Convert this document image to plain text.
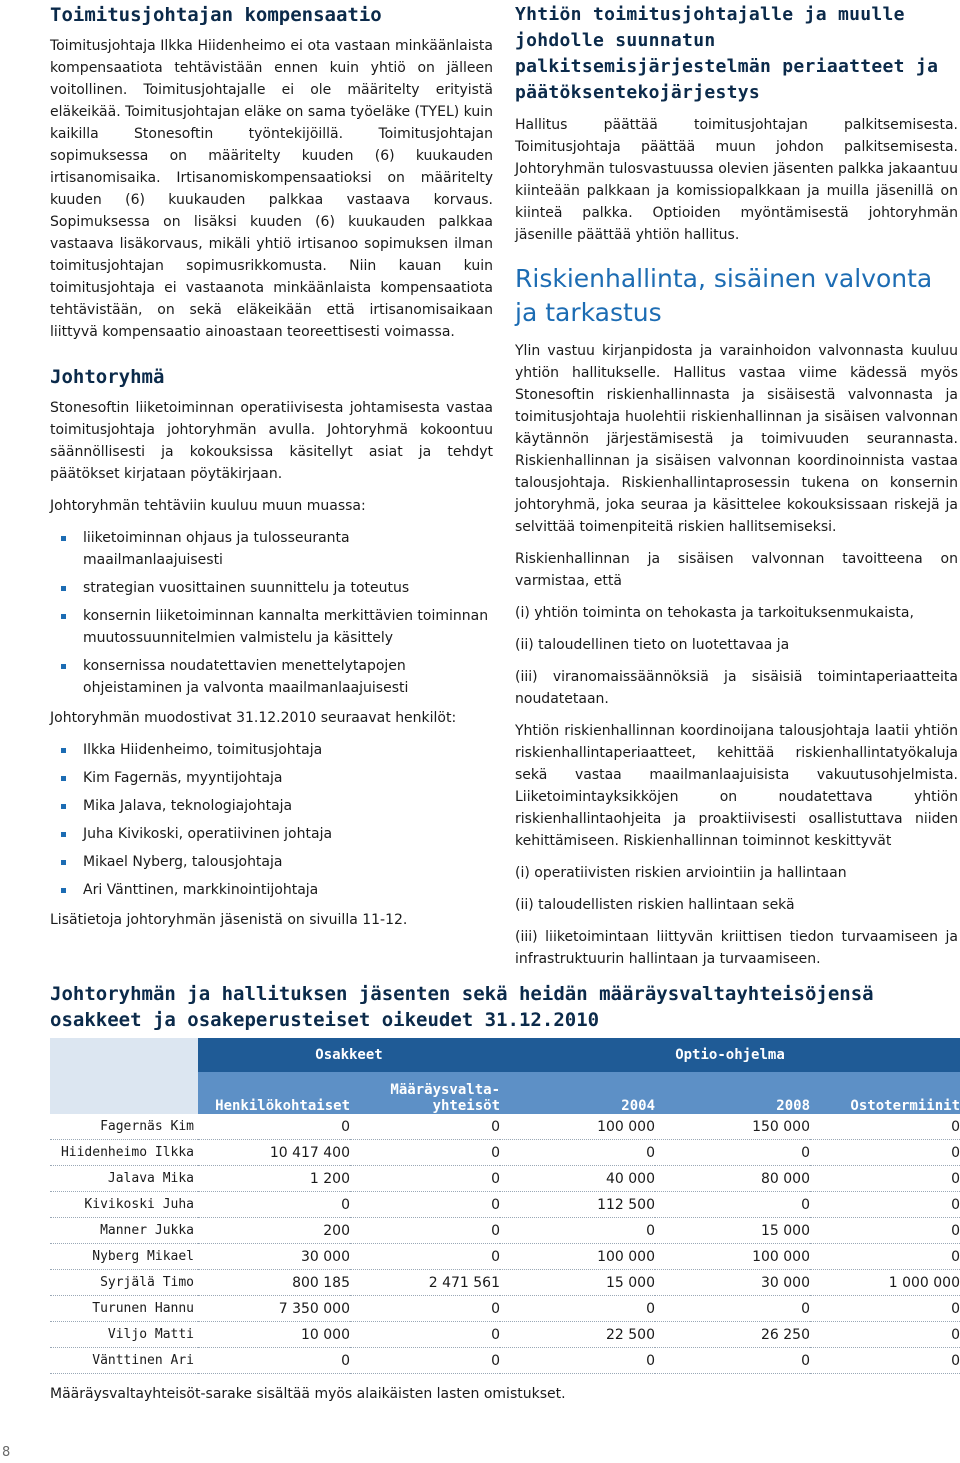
Toimitusjohtajan kompensaatio

Toimitusjohtaja Ilkka Hiidenheimo ei ota vastaan minkäänlaista kompensaatiota tehtävistään ennen kuin yhtiö on jälleen voitollinen. Toimitusjohtajalle ei ole määritelty erityistä eläkeikää. Toimitusjohtajan eläke on sama työeläke (TYEL) kuin kaikilla Stonesoftin työntekijöillä. Toimitusjohtajan sopimuksessa on määritelty kuuden (6) kuukauden irtisanomisaika. Irtisanomiskompensaatioksi on määritelty kuuden (6) kuukauden palkkaa vastaava korvaus. Sopimuksessa on lisäksi kuuden (6) kuukauden palkkaa vastaava lisäkorvaus, mikäli yhtiö irtisanoo sopimuksen ilman toimitusjohtajan sopimusrikkomusta. Niin kauan kuin toimitusjohtaja ei vastaanota minkäänlaista kompensaatiota tehtävistään, on sekä eläkeikään että irtisanomisaikaan liittyvä kompensaatio ainoastaan teoreettisesti voimassa.

Johtoryhmä

Stonesoftin liiketoiminnan operatiivisesta johtamisesta vastaa toimitusjohtaja johtoryhmän avulla. Johtoryhmä kokoontuu säännöllisesti ja kokouksissa käsitellyt asiat ja tehdyt päätökset kirjataan pöytäkirjaan.

Johtoryhmän tehtäviin kuuluu muun muassa:

liiketoiminnan ohjaus ja tulosseuranta maailmanlaajuisesti
strategian vuosittainen suunnittelu ja toteutus
konsernin liiketoiminnan kannalta merkittävien toiminnan muutossuunnitelmien valmistelu ja käsittely
konsernissa noudatettavien menettelytapojen ohjeistaminen ja valvonta maailmanlaajuisesti

Johtoryhmän muodostivat 31.12.2010 seuraavat henkilöt:

Ilkka Hiidenheimo, toimitusjohtaja
Kim Fagernäs, myyntijohtaja
Mika Jalava, teknologiajohtaja
Juha Kivikoski, operatiivinen johtaja
Mikael Nyberg, talousjohtaja
Ari Vänttinen, markkinointijohtaja

Lisätietoja johtoryhmän jäsenistä on sivuilla 11-12.

Yhtiön toimitusjohtajalle ja muulle johdolle suunnatun palkitsemisjärjestelmän periaatteet ja päätöksentekojärjestys

Hallitus päättää toimitusjohtajan palkitsemisesta. Toimitusjohtaja päättää muun johdon palkitsemisesta. Johtoryhmän tulosvastuussa olevien jäsenten palkka jakaantuu kiinteään palkkaan ja komissiopalkkaan ja muilla jäsenillä on kiinteä palkka. Optioiden myöntämisestä johtoryhmän jäsenille päättää yhtiön hallitus.

Riskienhallinta, sisäinen valvonta ja tarkastus

Ylin vastuu kirjanpidosta ja varainhoidon valvonnasta kuuluu yhtiön hallitukselle. Hallitus vastaa viime kädessä myös Stonesoftin riskienhallinnasta ja sisäisestä valvonnasta ja toimitusjohtaja huolehtii riskienhallinnan ja sisäisen valvonnan käytännön järjestämisestä ja toimivuuden seurannasta. Riskienhallinnan ja sisäisen valvonnan koordinoinnista vastaa talousjohtaja. Riskienhallintaprosessin tukena on konsernin johtoryhmä, joka seuraa ja käsittelee kokouksissaan riskejä ja selvittää toimenpiteitä riskien hallitsemiseksi.

Riskienhallinnan ja sisäisen valvonnan tavoitteena on varmistaa, että

(i) yhtiön toiminta on tehokasta ja tarkoituksenmukaista,

(ii) taloudellinen tieto on luotettavaa ja

(iii) viranomaissäännöksiä ja sisäisiä toimintaperiaatteita noudatetaan.

Yhtiön riskienhallinnan koordinoijana talousjohtaja laatii yhtiön riskienhallintaperiaatteet, kehittää riskienhallintatyökaluja sekä vastaa maailmanlaajuisista vakuutusohjelmista. Liiketoimintayksikköjen on noudatettava yhtiön riskienhallintaohjeita ja proaktiivisesti osallistuttava niiden kehittämiseen. Riskienhallinnan toiminnot keskittyvät

(i) operatiivisten riskien arviointiin ja hallintaan

(ii) taloudellisten riskien hallintaan sekä

(iii) liiketoimintaan liittyvän kriittisen tiedon turvaamiseen ja infrastruktuurin hallintaan ja turvaamiseen.

Johtoryhmän ja hallituksen jäsenten sekä heidän määräysvaltayhteisöjensä osakkeet ja osakeperusteiset oikeudet 31.12.2010
	Osakkeet		Optio-ohjelma		
	Henkilökohtaiset	Määräysvalta-yhteisöt	2004	2008	Ostotermiinit
Fagernäs Kim	0	0	100 000	150 000	0
Hiidenheimo Ilkka	10 417 400	0	0	0	0
Jalava Mika	1 200	0	40 000	80 000	0
Kivikoski Juha	0	0	112 500	0	0
Manner Jukka	200	0	0	15 000	0
Nyberg Mikael	30 000	0	100 000	100 000	0
Syrjälä Timo	800 185	2 471 561	15 000	30 000	1 000 000
Turunen Hannu	7 350 000	0	0	0	0
Viljo Matti	10 000	0	22 500	26 250	0
Vänttinen Ari	0	0	0	0	0
Määräysvaltayhteisöt-sarake sisältää myös alaikäisten lasten omistukset.
8
